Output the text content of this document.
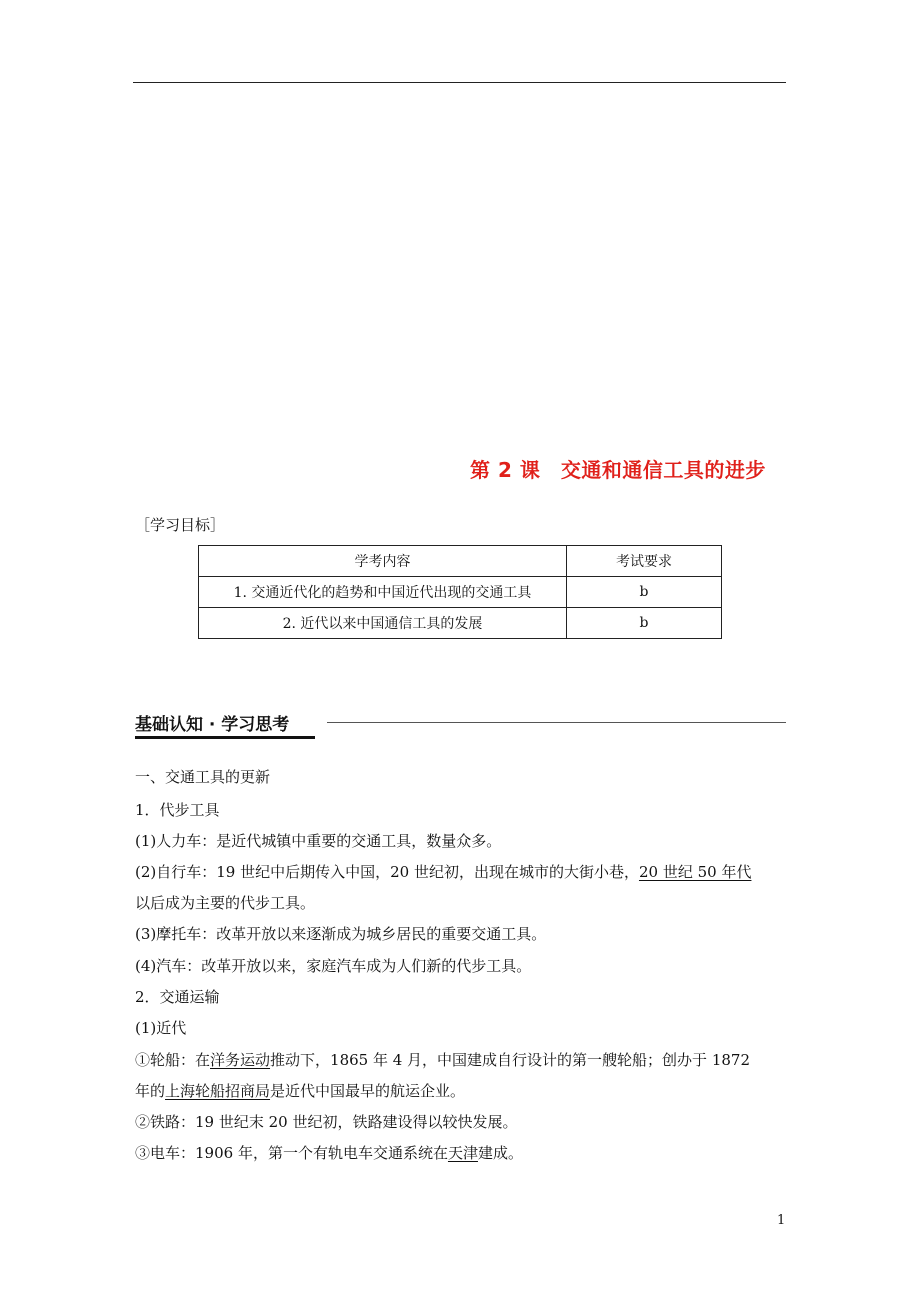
第 2 课　交通和通信工具的进步
［学习目标］
学考内容	考试要求
1. 交通近代化的趋势和中国近代出现的交通工具	b
2. 近代以来中国通信工具的发展	b
基础认知 · 学习思考
一、交通工具的更新
1．代步工具
(1)人力车：是近代城镇中重要的交通工具，数量众多。
(2)自行车：19 世纪中后期传入中国，20 世纪初，出现在城市的大街小巷，20 世纪 50 年代
以后成为主要的代步工具。
(3)摩托车：改革开放以来逐渐成为城乡居民的重要交通工具。
(4)汽车：改革开放以来，家庭汽车成为人们新的代步工具。
2．交通运输
(1)近代
①轮船：在洋务运动推动下，1865 年 4 月，中国建成自行设计的第一艘轮船；创办于 1872
年的上海轮船招商局是近代中国最早的航运企业。
②铁路：19 世纪末 20 世纪初，铁路建设得以较快发展。
③电车：1906 年，第一个有轨电车交通系统在天津建成。
1
